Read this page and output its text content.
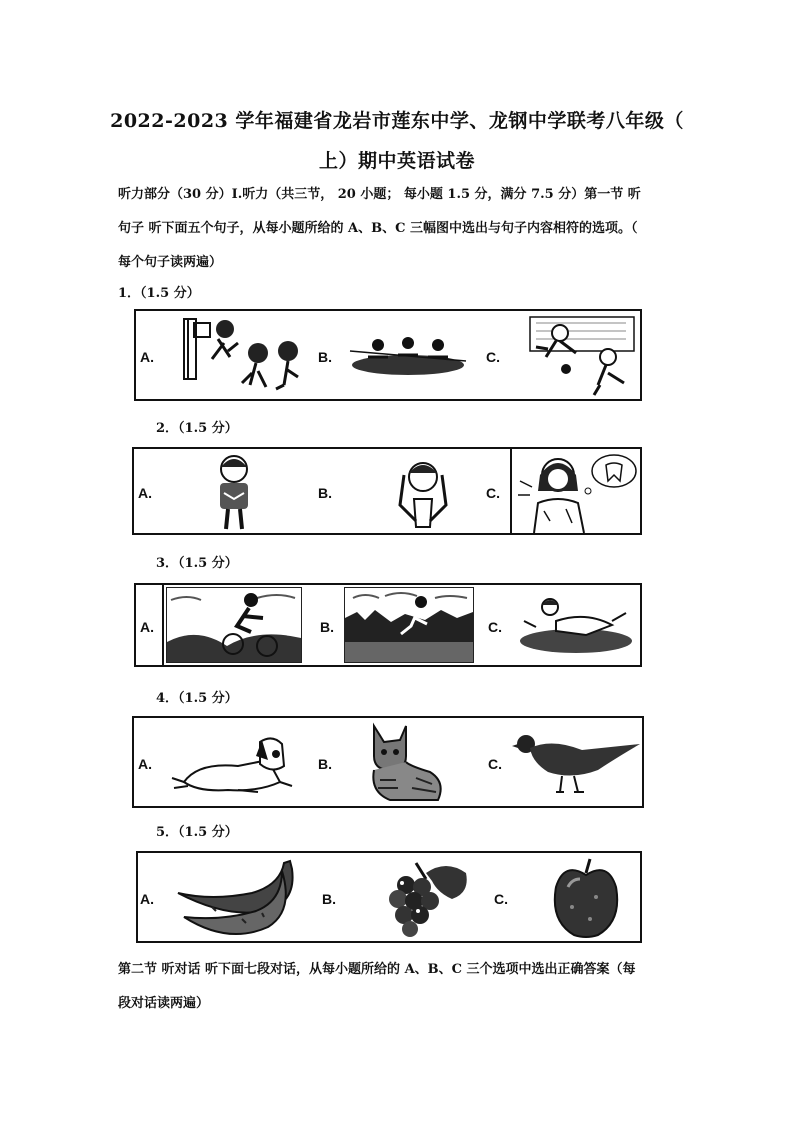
2022-2023 学年福建省龙岩市莲东中学、龙钢中学联考八年级（
上）期中英语试卷
听力部分（30 分）Ⅰ.听力（共三节， 20 小题； 每小题 1.5 分，满分 7.5 分）第一节 听
句子 听下面五个句子，从每小题所给的 A、B、C 三幅图中选出与句子内容相符的选项。（
每个句子读两遍）
1．（1.5 分）
A.	B.	C.
2．（1.5 分）
A.	B.	C.
3．（1.5 分）
A.	B.	C.
4．（1.5 分）
A.	B.	C.
5．（1.5 分）
A.	B.	C.
第二节 听对话 听下面七段对话，从每小题所给的 A、B、C 三个选项中选出正确答案（每
段对话读两遍）
